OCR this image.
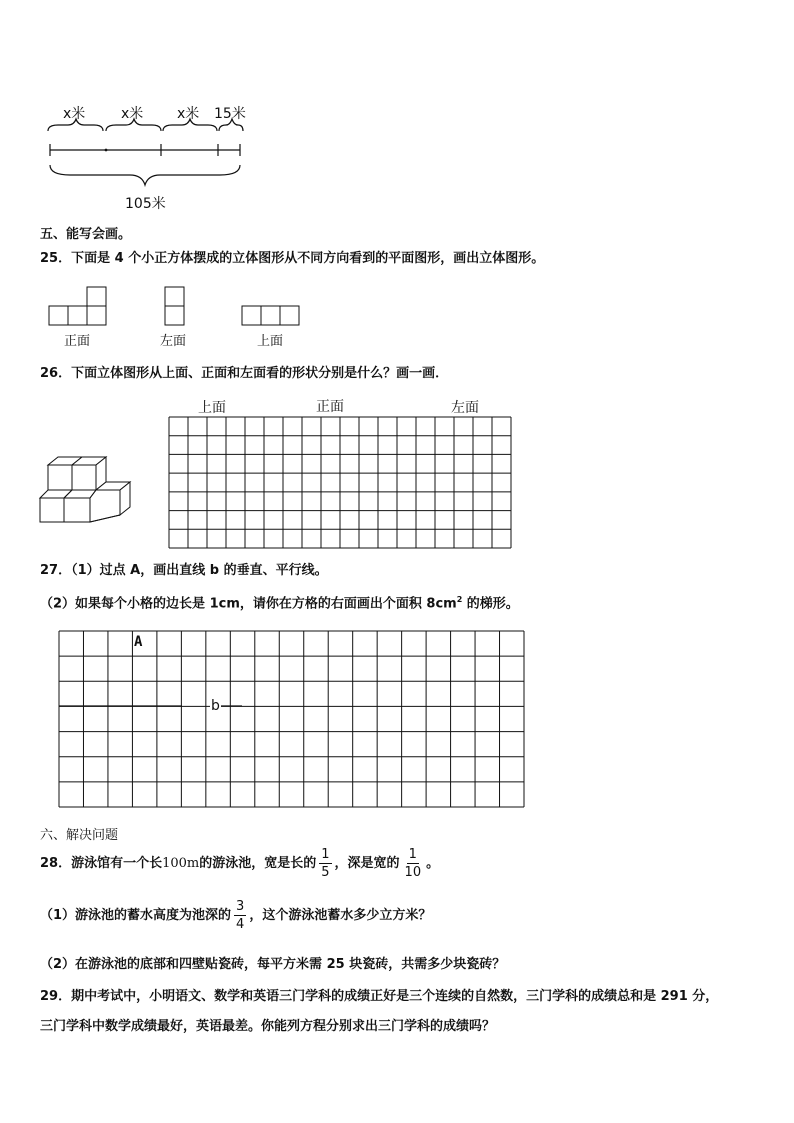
x米	x米 x米 15米
105米
五、能写会画。
25．下面是 4 个小正方体摆成的立体图形从不同方向看到的平面图形，画出立体图形。
正面	左面	上面
26．下面立体图形从上面、正面和左面看的形状分别是什么？画一画．
上面	正面	左面
27．（1）过点 A，画出直线 b 的垂直、平行线。
（2）如果每个小格的边长是 1cm，请你在方格的右面画出个面积 $8cm^2$ 的梯形。
A
b
六、解决问题
28．游泳馆有一个长 100m 的游泳池，宽是长的 $\frac{1}{5}$ ，深是宽的 $\frac{1}{10}$ 。
（1）游泳池的蓄水高度为池深的 $\frac{3}{4}$ ，这个游泳池蓄水多少立方米？
（2）在游泳池的底部和四壁贴瓷砖，每平方米需 25 块瓷砖，共需多少块瓷砖？
29．期中考试中，小明语文、数学和英语三门学科的成绩正好是三个连续的自然数，三门学科的成绩总和是 291 分，
三门学科中数学成绩最好，英语最差。你能列方程分别求出三门学科的成绩吗？
